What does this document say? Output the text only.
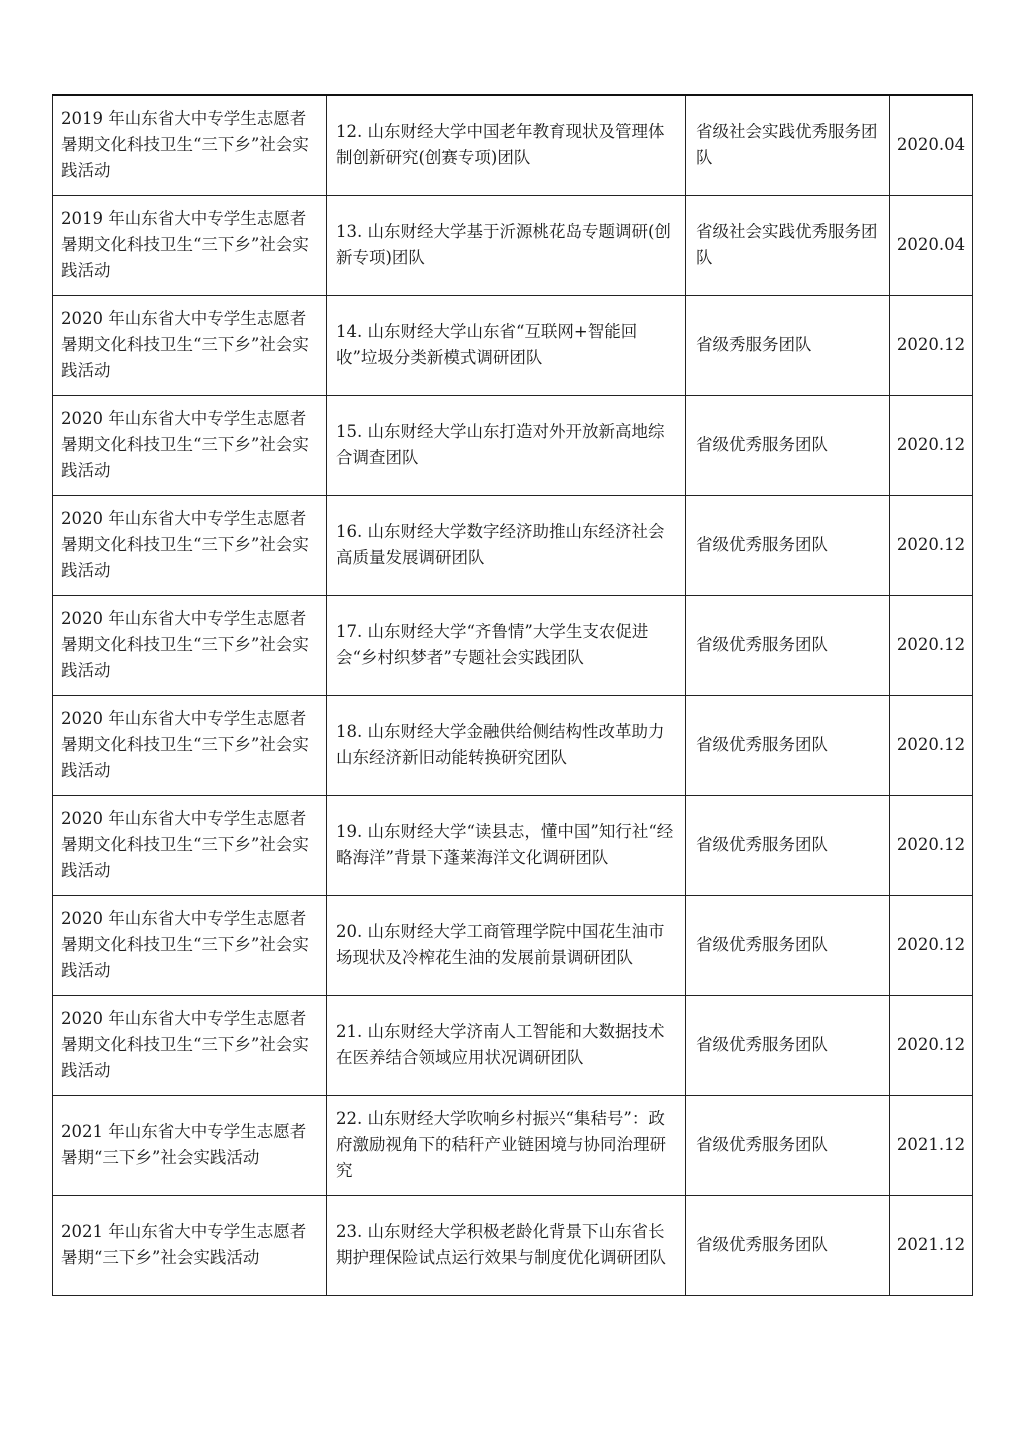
2019 年山东省大中专学生志愿者暑期文化科技卫生“三下乡”社会实践活动	12. 山东财经大学中国老年教育现状及管理体制创新研究(创赛专项)团队	省级社会实践优秀服务团队	2020.04
2019 年山东省大中专学生志愿者暑期文化科技卫生“三下乡”社会实践活动	13. 山东财经大学基于沂源桃花岛专题调研(创新专项)团队	省级社会实践优秀服务团队	2020.04
2020 年山东省大中专学生志愿者暑期文化科技卫生“三下乡”社会实践活动	14. 山东财经大学山东省“互联网+智能回收”垃圾分类新模式调研团队	省级秀服务团队	2020.12
2020 年山东省大中专学生志愿者暑期文化科技卫生“三下乡”社会实践活动	15. 山东财经大学山东打造对外开放新高地综合调查团队	省级优秀服务团队	2020.12
2020 年山东省大中专学生志愿者暑期文化科技卫生“三下乡”社会实践活动	16. 山东财经大学数字经济助推山东经济社会高质量发展调研团队	省级优秀服务团队	2020.12
2020 年山东省大中专学生志愿者暑期文化科技卫生“三下乡”社会实践活动	17. 山东财经大学“齐鲁情”大学生支农促进会“乡村织梦者”专题社会实践团队	省级优秀服务团队	2020.12
2020 年山东省大中专学生志愿者暑期文化科技卫生“三下乡”社会实践活动	18. 山东财经大学金融供给侧结构性改革助力山东经济新旧动能转换研究团队	省级优秀服务团队	2020.12
2020 年山东省大中专学生志愿者暑期文化科技卫生“三下乡”社会实践活动	19. 山东财经大学“读县志，懂中国”知行社“经略海洋”背景下蓬莱海洋文化调研团队	省级优秀服务团队	2020.12
2020 年山东省大中专学生志愿者暑期文化科技卫生“三下乡”社会实践活动	20. 山东财经大学工商管理学院中国花生油市场现状及冷榨花生油的发展前景调研团队	省级优秀服务团队	2020.12
2020 年山东省大中专学生志愿者暑期文化科技卫生“三下乡”社会实践活动	21. 山东财经大学济南人工智能和大数据技术在医养结合领域应用状况调研团队	省级优秀服务团队	2020.12
2021 年山东省大中专学生志愿者暑期“三下乡”社会实践活动	22. 山东财经大学吹响乡村振兴“集秸号”：政府激励视角下的秸秆产业链困境与协同治理研究	省级优秀服务团队	2021.12
2021 年山东省大中专学生志愿者暑期“三下乡”社会实践活动	23. 山东财经大学积极老龄化背景下山东省长期护理保险试点运行效果与制度优化调研团队	省级优秀服务团队	2021.12
